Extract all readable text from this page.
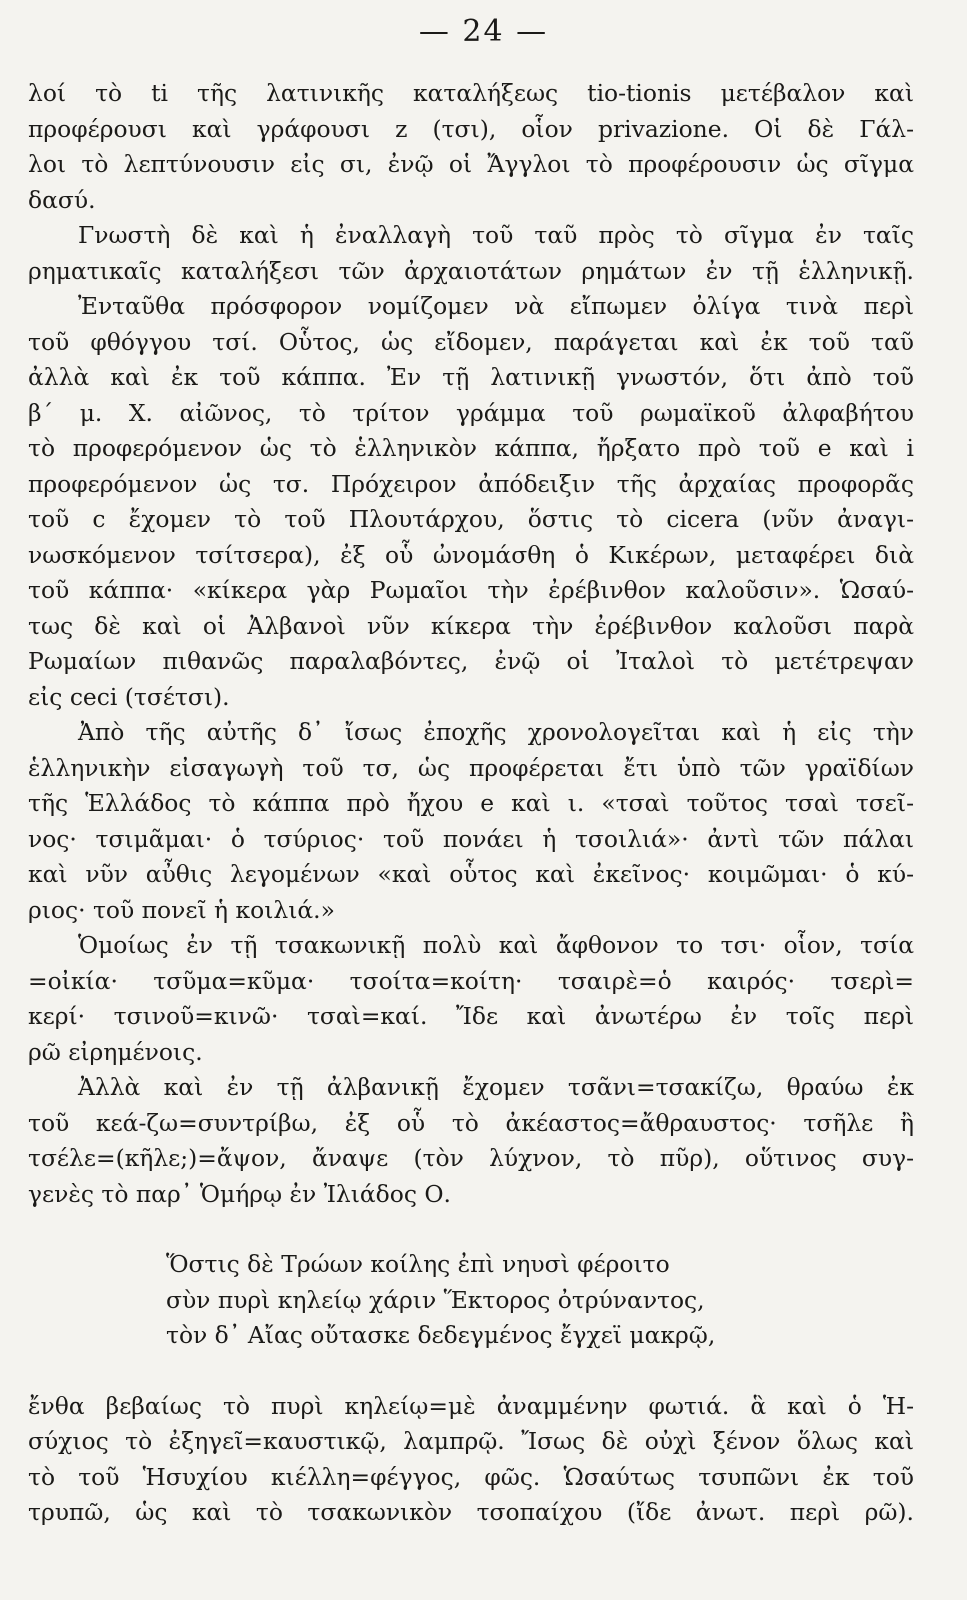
— 24 —
λοί τὸ ti τῆς λατινικῆς καταλήξεως tio-tionis μετέβαλον καὶ
προφέρουσι καὶ γράφουσι z (τσι), οἷον privazione. Οἱ δὲ Γάλ-
λοι τὸ λεπτύνουσιν εἰς σι, ἐνῷ οἱ Ἄγγλοι τὸ προφέρουσιν ὡς σῖγμα
δασύ.
Γνωστὴ δὲ καὶ ἡ ἐναλλαγὴ τοῦ ταῦ πρὸς τὸ σῖγμα ἐν ταῖς
ρηματικαῖς καταλήξεσι τῶν ἀρχαιοτάτων ρημάτων ἐν τῇ ἑλληνικῇ.
Ἐνταῦθα πρόσφορον νομίζομεν νὰ εἴπωμεν ὀλίγα τινὰ περὶ
τοῦ φθόγγου τσί. Οὗτος, ὡς εἴδομεν, παράγεται καὶ ἐκ τοῦ ταῦ
ἀλλὰ καὶ ἐκ τοῦ κάππα. Ἐν τῇ λατινικῇ γνωστόν, ὅτι ἀπὸ τοῦ
β΄ μ. Χ. αἰῶνος, τὸ τρίτον γράμμα τοῦ ρωμαϊκοῦ ἀλφαβήτου
τὸ προφερόμενον ὡς τὸ ἑλληνικὸν κάππα, ἤρξατο πρὸ τοῦ e καὶ i
προφερόμενον ὡς τσ. Πρόχειρον ἀπόδειξιν τῆς ἀρχαίας προφορᾶς
τοῦ c ἔχομεν τὸ τοῦ Πλουτάρχου, ὅστις τὸ cicera (νῦν ἀναγι-
νωσκόμενον τσίτσερα), ἐξ οὗ ὠνομάσθη ὁ Κικέρων, μεταφέρει διὰ
τοῦ κάππα· «κίκερα γὰρ Ρωμαῖοι τὴν ἐρέβινθον καλοῦσιν». Ὡσαύ-
τως δὲ καὶ οἱ Ἀλβανοὶ νῦν κίκερα τὴν ἐρέβινθον καλοῦσι παρὰ
Ρωμαίων πιθανῶς παραλαβόντες, ἐνῷ οἱ Ἰταλοὶ τὸ μετέτρεψαν
εἰς ceci (τσέτσι).
Ἀπὸ τῆς αὐτῆς δ᾽ ἴσως ἐποχῆς χρονολογεῖται καὶ ἡ εἰς τὴν
ἑλληνικὴν εἰσαγωγὴ τοῦ τσ, ὡς προφέρεται ἔτι ὑπὸ τῶν γραϊδίων
τῆς Ἑλλάδος τὸ κάππα πρὸ ἤχου e καὶ ι. «τσαὶ τοῦτος τσαὶ τσεῖ-
νος· τσιμᾶμαι· ὁ τσύριος· τοῦ πονάει ἡ τσοιλιά»· ἀντὶ τῶν πάλαι
καὶ νῦν αὖθις λεγομένων «καὶ οὗτος καὶ ἐκεῖνος· κοιμῶμαι· ὁ κύ-
ριος· τοῦ πονεῖ ἡ κοιλιά.»
Ὁμοίως ἐν τῇ τσακωνικῇ πολὺ καὶ ἄφθονον το τσι· οἷον, τσία
=οἰκία· τσῦμα=κῦμα· τσοίτα=κοίτη· τσαιρὲ=ὁ καιρός· τσερὶ=
κερί· τσινοῦ=κινῶ· τσαὶ=καί. Ἴδε καὶ ἀνωτέρω ἐν τοῖς περὶ
ρῶ εἰρημένοις.
Ἀλλὰ καὶ ἐν τῇ ἀλβανικῇ ἔχομεν τσᾶνι=τσακίζω, θραύω ἐκ
τοῦ κεά-ζω=συντρίβω, ἐξ οὗ τὸ ἀκέαστος=ἄθραυστος· τσῆλε ἢ
τσέλε=(κῆλε;)=ἄψον, ἄναψε (τὸν λύχνον, τὸ πῦρ), οὕτινος συγ-
γενὲς τὸ παρ᾽ Ὁμήρῳ ἐν Ἰλιάδος Ο.
Ὅστις δὲ Τρώων κοίλης ἐπὶ νηυσὶ φέροιτο
σὺν πυρὶ κηλείῳ χάριν Ἕκτορος ὀτρύναντος,
τὸν δ᾽ Αἴας οὔτασκε δεδεγμένος ἔγχεϊ μακρῷ,
ἔνθα βεβαίως τὸ πυρὶ κηλείῳ=μὲ ἀναμμένην φωτιά. ἃ καὶ ὁ Ἡ-
σύχιος τὸ ἐξηγεῖ=καυστικῷ, λαμπρῷ. Ἴσως δὲ οὐχὶ ξένον ὅλως καὶ
τὸ τοῦ Ἡσυχίου κιέλλη=φέγγος, φῶς. Ὡσαύτως τσυπῶνι ἐκ τοῦ
τρυπῶ, ὡς καὶ τὸ τσακωνικὸν τσοπαίχου (ἴδε ἀνωτ. περὶ ρῶ).
